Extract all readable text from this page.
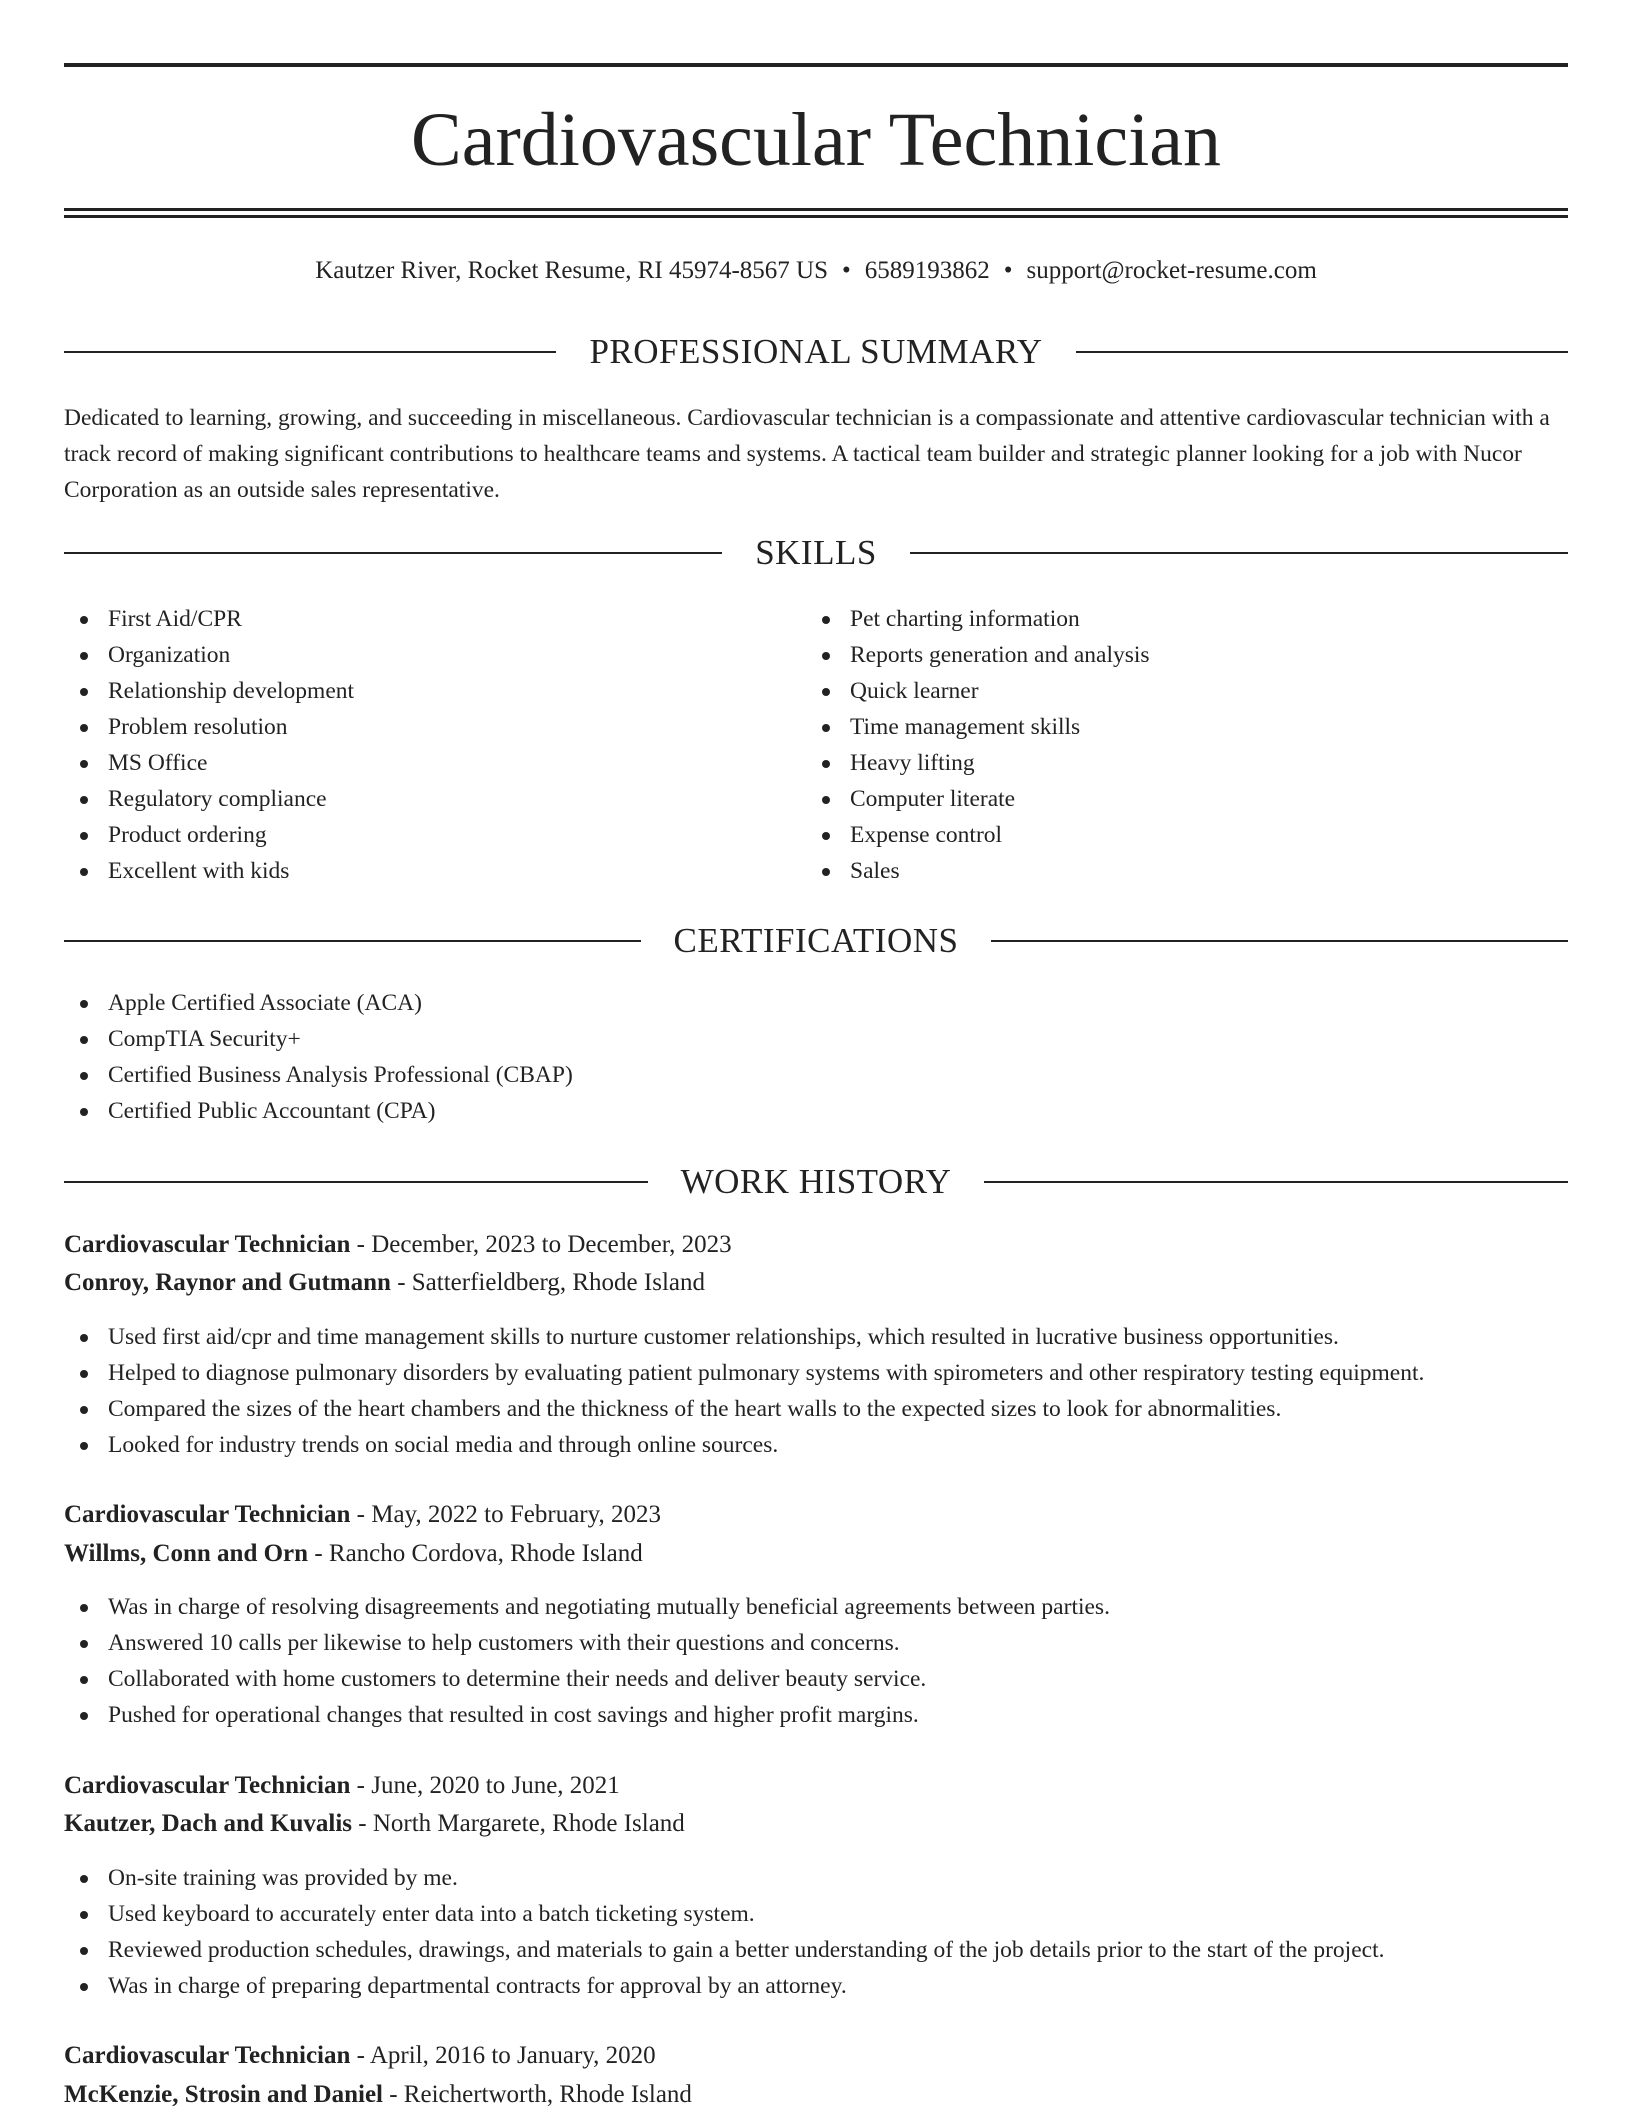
Cardiovascular Technician
Kautzer River, Rocket Resume, RI 45974-8567 US • 6589193862 • support@rocket-resume.com
PROFESSIONAL SUMMARY
Dedicated to learning, growing, and succeeding in miscellaneous. Cardiovascular technician is a compassionate and attentive cardiovascular technician with a track record of making significant contributions to healthcare teams and systems. A tactical team builder and strategic planner looking for a job with Nucor Corporation as an outside sales representative.
SKILLS
First Aid/CPR
Organization
Relationship development
Problem resolution
MS Office
Regulatory compliance
Product ordering
Excellent with kids
Pet charting information
Reports generation and analysis
Quick learner
Time management skills
Heavy lifting
Computer literate
Expense control
Sales
CERTIFICATIONS
Apple Certified Associate (ACA)
CompTIA Security+
Certified Business Analysis Professional (CBAP)
Certified Public Accountant (CPA)
WORK HISTORY
Cardiovascular Technician - December, 2023 to December, 2023
Conroy, Raynor and Gutmann - Satterfieldberg, Rhode Island
Used first aid/cpr and time management skills to nurture customer relationships, which resulted in lucrative business opportunities.
Helped to diagnose pulmonary disorders by evaluating patient pulmonary systems with spirometers and other respiratory testing equipment.
Compared the sizes of the heart chambers and the thickness of the heart walls to the expected sizes to look for abnormalities.
Looked for industry trends on social media and through online sources.
Cardiovascular Technician - May, 2022 to February, 2023
Willms, Conn and Orn - Rancho Cordova, Rhode Island
Was in charge of resolving disagreements and negotiating mutually beneficial agreements between parties.
Answered 10 calls per likewise to help customers with their questions and concerns.
Collaborated with home customers to determine their needs and deliver beauty service.
Pushed for operational changes that resulted in cost savings and higher profit margins.
Cardiovascular Technician - June, 2020 to June, 2021
Kautzer, Dach and Kuvalis - North Margarete, Rhode Island
On-site training was provided by me.
Used keyboard to accurately enter data into a batch ticketing system.
Reviewed production schedules, drawings, and materials to gain a better understanding of the job details prior to the start of the project.
Was in charge of preparing departmental contracts for approval by an attorney.
Cardiovascular Technician - April, 2016 to January, 2020
McKenzie, Strosin and Daniel - Reichertworth, Rhode Island
